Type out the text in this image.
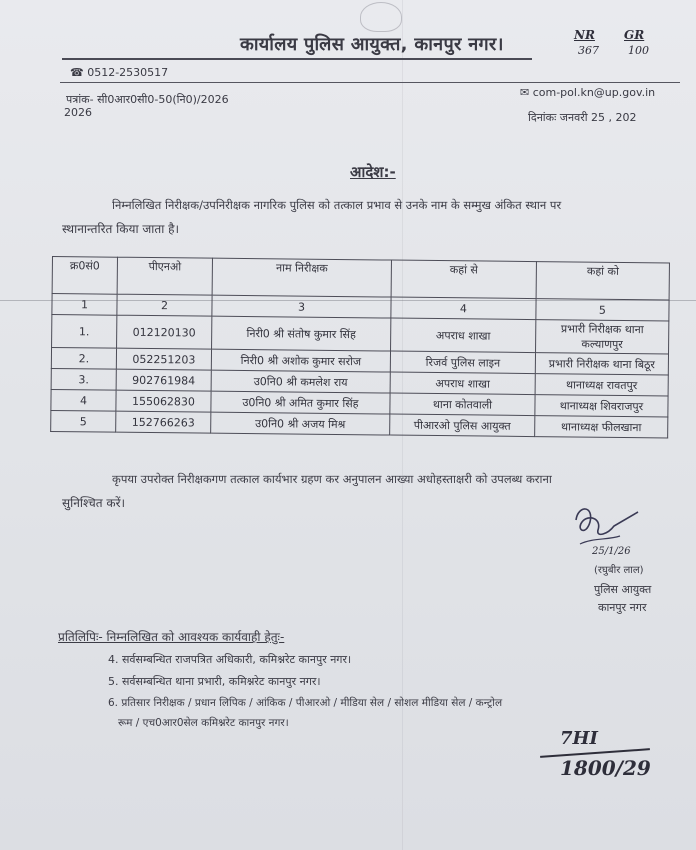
कार्यालय पुलिस आयुक्त, कानपुर नगर।	NR
367
GR
100
☎ 0512-2530517
✉ com-pol.kn@up.gov.in
पत्रांक- सी0आर0सी0-50(नि0)/2026
2026	दिनांकः जनवरी 25 , 202
आदेश:-
निम्नलिखित निरीक्षक/उपनिरीक्षक नागरिक पुलिस को तत्काल प्रभाव से उनके नाम के सम्मुख अंकित स्थान पर
स्थानान्तरित किया जाता है।
क्र0सं0	पीएनओ	नाम निरीक्षक	कहां से	कहां को
1	2	3	4	5
1.	012120130	निरी0 श्री संतोष कुमार सिंह	अपराध शाखा	प्रभारी निरीक्षक थाना कल्याणपुर
2.	052251203	निरी0 श्री अशोक कुमार सरोज	रिजर्व पुलिस लाइन	प्रभारी निरीक्षक थाना बिठूर
3.	902761984	उ0नि0 श्री कमलेश राय	अपराध शाखा	थानाध्यक्ष रावतपुर
4	155062830	उ0नि0 श्री अमित कुमार सिंह	थाना कोतवाली	थानाध्यक्ष शिवराजपुर
5	152766263	उ0नि0 श्री अजय मिश्र	पीआरओ पुलिस आयुक्त	थानाध्यक्ष फीलखाना
कृपया उपरोक्त निरीक्षकगण तत्काल कार्यभार ग्रहण कर अनुपालन आख्या अधोहस्ताक्षरी को उपलब्ध कराना
सुनिश्चित करें।
25/1/26
(रघुबीर लाल)
पुलिस आयुक्त
कानपुर नगर
प्रतिलिपिः- निम्नलिखित को आवश्यक कार्यवाही हेतुः-
4. सर्वसम्बन्धित राजपत्रित अधिकारी, कमिश्नरेट कानपुर नगर।
5. सर्वसम्बन्धित थाना प्रभारी, कमिश्नरेट कानपुर नगर।
6. प्रतिसार निरीक्षक / प्रधान लिपिक / आंकिक / पीआरओ / मीडिया सेल / सोशल मीडिया सेल / कन्ट्रोल
रूम / एच0आर0सेल कमिश्नरेट कानपुर नगर।
7HI
1800/29
